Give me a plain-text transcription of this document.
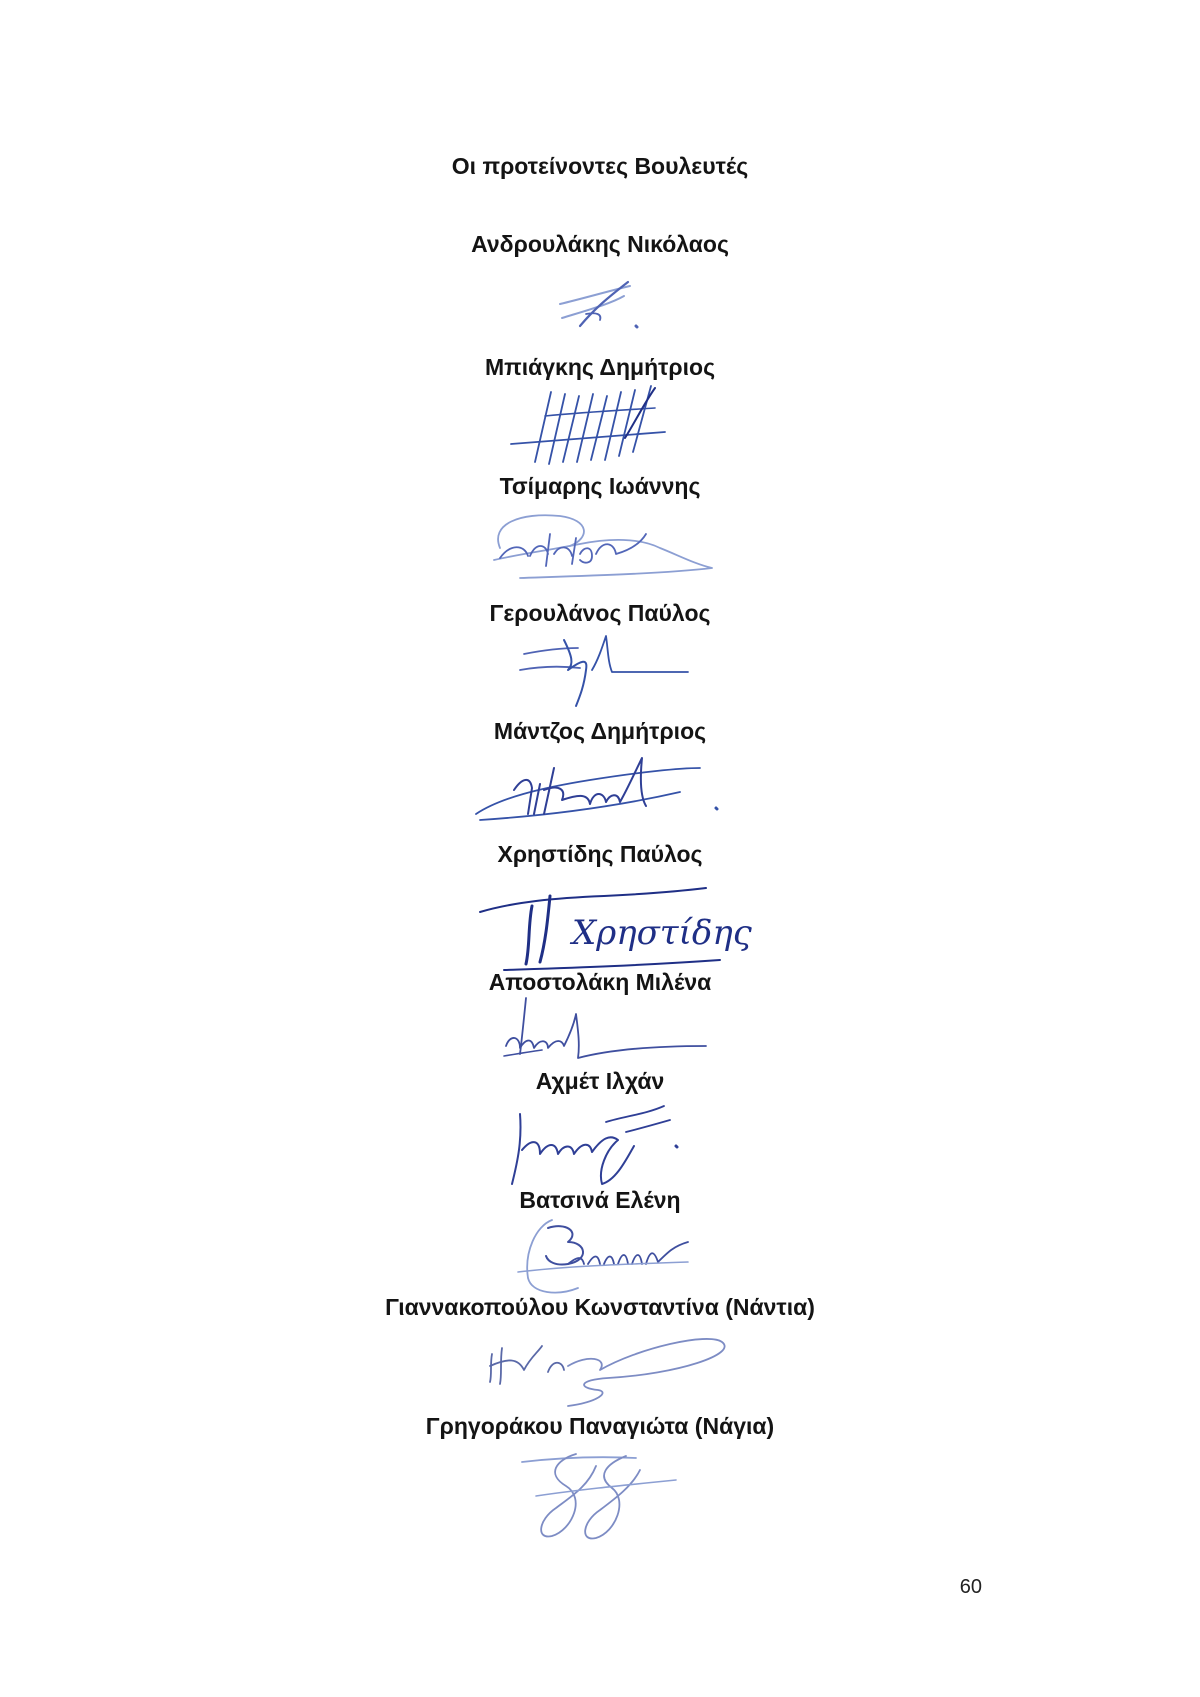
Οι προτείνοντες Βουλευτές
Ανδρουλάκης Νικόλαος
Μπιάγκης Δημήτριος
Τσίμαρης Ιωάννης
Γερουλάνος Παύλος
Μάντζος Δημήτριος
Χρηστίδης Παύλος
Χρηστίδης
Αποστολάκη Μιλένα
Αχμέτ Ιλχάν
Βατσινά Ελένη
Γιαννακοπούλου Κωνσταντίνα (Νάντια)
Γρηγοράκου Παναγιώτα (Νάγια)
60
